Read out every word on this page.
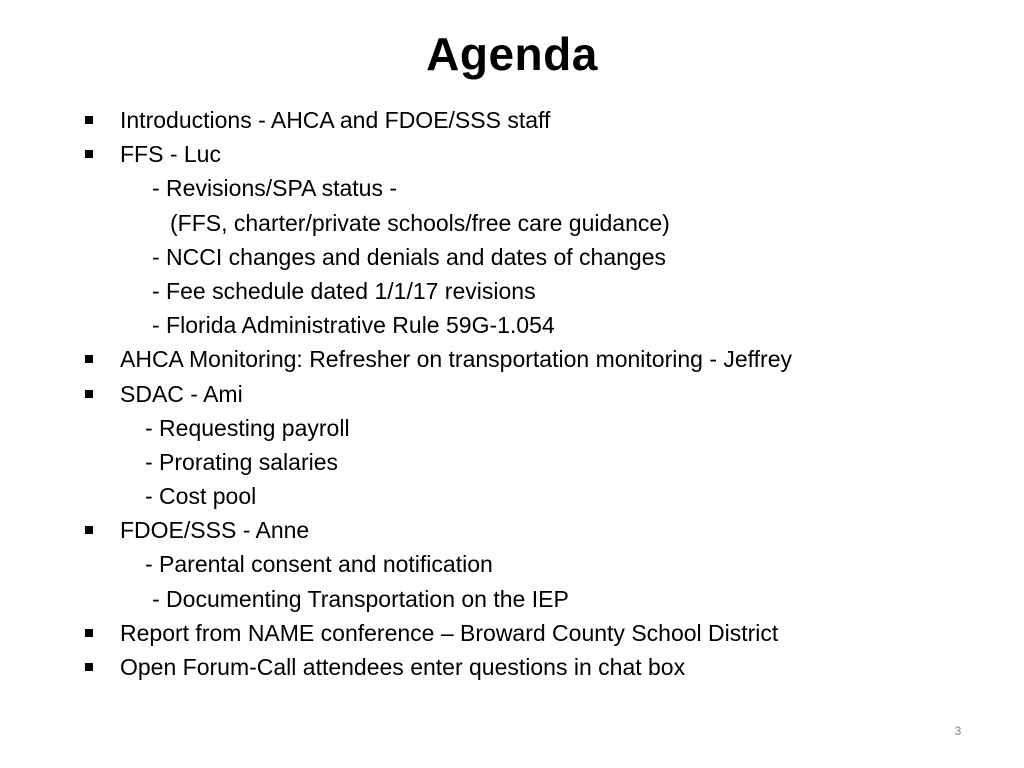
Agenda
Introductions - AHCA and FDOE/SSS staff
FFS - Luc
- Revisions/SPA status -
(FFS, charter/private schools/free care guidance)
- NCCI changes and denials and dates of changes
- Fee schedule dated 1/1/17 revisions
- Florida Administrative Rule 59G-1.054
AHCA Monitoring: Refresher on transportation monitoring - Jeffrey
SDAC - Ami
- Requesting payroll
- Prorating salaries
- Cost pool
FDOE/SSS - Anne
- Parental consent and notification
- Documenting Transportation on the IEP
Report from NAME conference – Broward County School District
Open Forum-Call attendees enter questions in chat box
3
